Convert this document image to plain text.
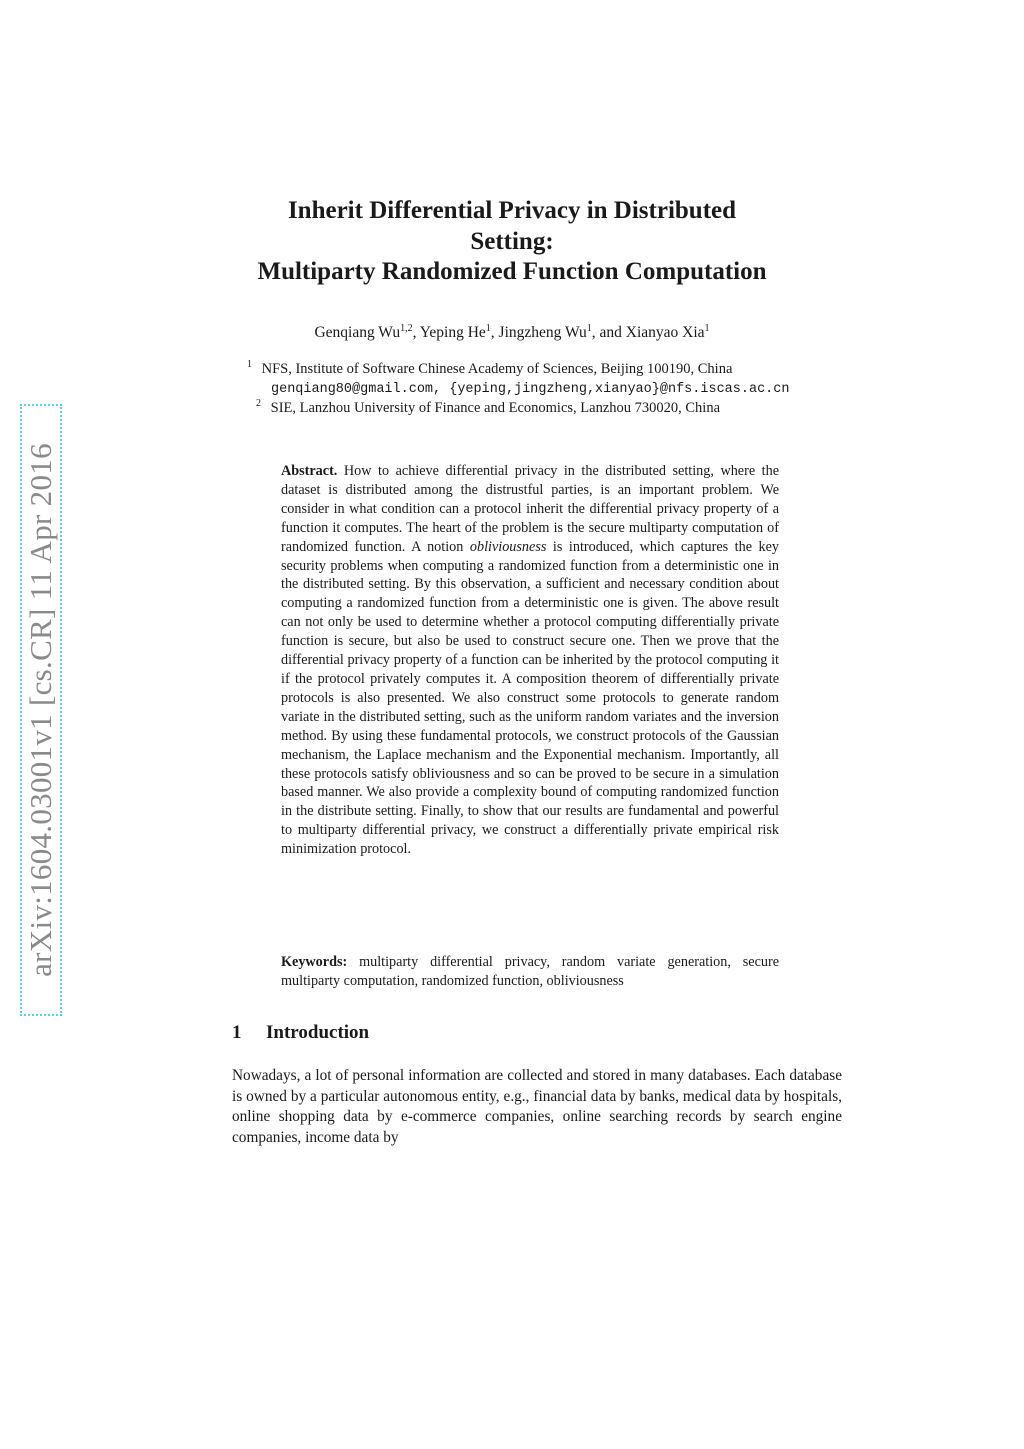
arXiv:1604.03001v1 [cs.CR] 11 Apr 2016
Inherit Differential Privacy in Distributed
Setting:
Multiparty Randomized Function Computation
Genqiang Wu$^{1,2}$, Yeping He$^1$, Jingzheng Wu$^1$, and Xianyao Xia$^1$
$^1$ NFS, Institute of Software Chinese Academy of Sciences, Beijing 100190, China
genqiang80@gmail.com, {yeping,jingzheng,xianyao}@nfs.iscas.ac.cn
$^2$ SIE, Lanzhou University of Finance and Economics, Lanzhou 730020, China
Abstract. How to achieve differential privacy in the distributed setting, where the dataset is distributed among the distrustful parties, is an important problem. We consider in what condition can a protocol inherit the differential privacy property of a function it computes. The heart of the problem is the secure multiparty computation of randomized function. A notion obliviousness is introduced, which captures the key security problems when computing a randomized function from a deterministic one in the distributed setting. By this observation, a sufficient and necessary condition about computing a randomized function from a deterministic one is given. The above result can not only be used to determine whether a protocol computing differentially private function is secure, but also be used to construct secure one. Then we prove that the differential privacy property of a function can be inherited by the protocol computing it if the protocol privately computes it. A composition theorem of differentially private protocols is also presented. We also construct some protocols to generate random variate in the distributed setting, such as the uniform random variates and the inversion method. By using these fundamental protocols, we construct protocols of the Gaussian mechanism, the Laplace mechanism and the Exponential mechanism. Importantly, all these protocols satisfy obliviousness and so can be proved to be secure in a simulation based manner. We also provide a complexity bound of computing randomized function in the distribute setting. Finally, to show that our results are fundamental and powerful to multiparty differential privacy, we construct a differentially private empirical risk minimization protocol.
Keywords: multiparty differential privacy, random variate generation, secure multiparty computation, randomized function, obliviousness
1 Introduction
Nowadays, a lot of personal information are collected and stored in many databases. Each database is owned by a particular autonomous entity, e.g., financial data by banks, medical data by hospitals, online shopping data by e-commerce companies, online searching records by search engine companies, income data by
